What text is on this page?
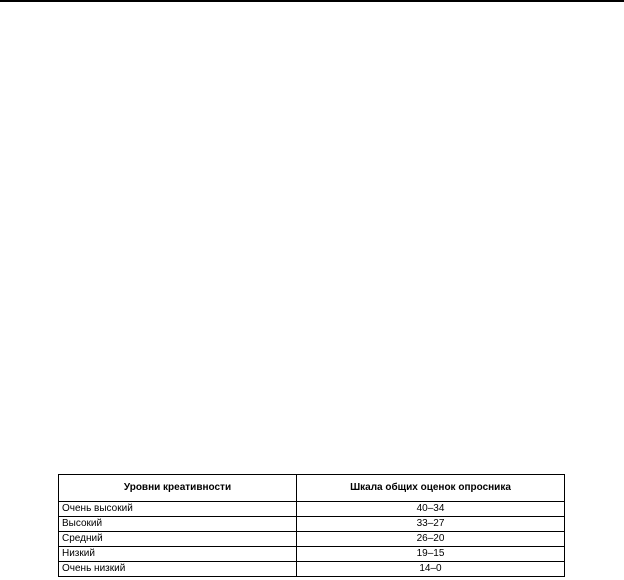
Уровни креативности	Шкала общих оценок опросника
Очень высокий	40–34
Высокий	33–27
Средний	26–20
Низкий	19–15
Очень низкий	14–0
